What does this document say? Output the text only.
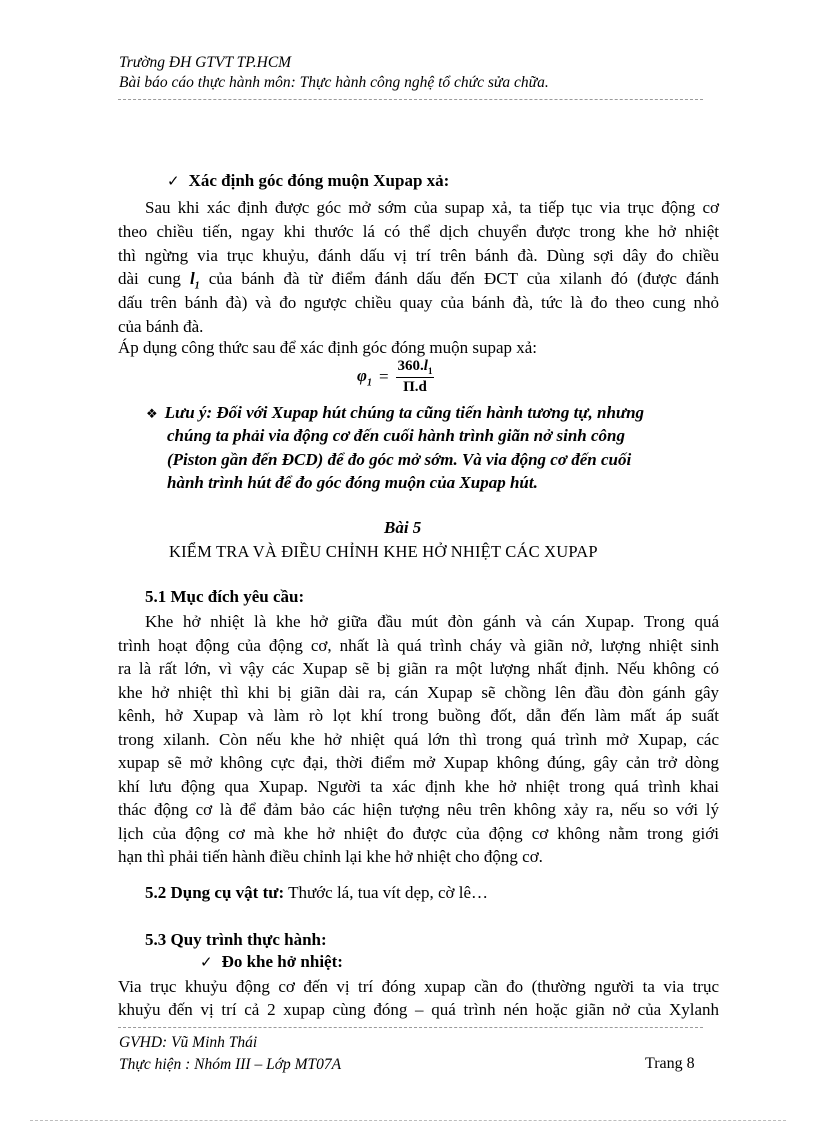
Trường ĐH GTVT TP.HCM
Bài báo cáo thực hành môn: Thực hành công nghệ tổ chức sửa chữa.
✓ Xác định góc đóng muộn Xupap xả:
Sau khi xác định được góc mở sớm của supap xả, ta tiếp tục via trục động cơ
theo chiều tiến, ngay khi thước lá có thể dịch chuyển được trong khe hở nhiệt
thì ngừng via trục khuỷu, đánh dấu vị trí trên bánh đà. Dùng sợi dây đo chiều
dài cung $l_1$ của bánh đà từ điểm đánh dấu đến ĐCT của xilanh đó (được đánh
dấu trên bánh đà) và đo ngược chiều quay của bánh đà, tức là đo theo cung nhỏ
của bánh đà.
Áp dụng công thức sau để xác định góc đóng muộn supap xả:
$\varphi_1 = \frac{360.l_1}{\Pi.d}$
❖ Lưu ý: Đối với Xupap hút chúng ta cũng tiến hành tương tự, nhưng
chúng ta phải via động cơ đến cuối hành trình giãn nở sinh công
(Piston gần đến ĐCD) để đo góc mở sớm. Và via động cơ đến cuối
hành trình hút để đo góc đóng muộn của Xupap hút.
Bài 5
KIỂM TRA VÀ ĐIỀU CHỈNH KHE HỞ NHIỆT CÁC XUPAP
5.1 Mục đích yêu cầu:
Khe hở nhiệt là khe hở giữa đầu mút đòn gánh và cán Xupap. Trong quá
trình hoạt động của động cơ, nhất là quá trình cháy và giãn nở, lượng nhiệt sinh
ra là rất lớn, vì vậy các Xupap sẽ bị giãn ra một lượng nhất định. Nếu không có
khe hở nhiệt thì khi bị giãn dài ra, cán Xupap sẽ chồng lên đầu đòn gánh gây
kênh, hở Xupap và làm rò lọt khí trong buồng đốt, dẫn đến làm mất áp suất
trong xilanh. Còn nếu khe hở nhiệt quá lớn thì trong quá trình mở Xupap, các
xupap sẽ mở không cực đại, thời điểm mở Xupap không đúng, gây cản trở dòng
khí lưu động qua Xupap. Người ta xác định khe hở nhiệt trong quá trình khai
thác động cơ là để đảm bảo các hiện tượng nêu trên không xảy ra, nếu so với lý
lịch của động cơ mà khe hở nhiệt đo được của động cơ không nằm trong giới
hạn thì phải tiến hành điều chỉnh lại khe hở nhiệt cho động cơ.
5.2 Dụng cụ vật tư: Thước lá, tua vít dẹp, cờ lê…
5.3 Quy trình thực hành:
✓ Đo khe hở nhiệt:
Via trục khuỷu động cơ đến vị trí đóng xupap cần đo (thường người ta via trục
khuỷu đến vị trí cả 2 xupap cùng đóng – quá trình nén hoặc giãn nở của Xylanh
GVHD: Vũ Minh Thái
Thực hiện : Nhóm III – Lớp MT07A	Trang 8
